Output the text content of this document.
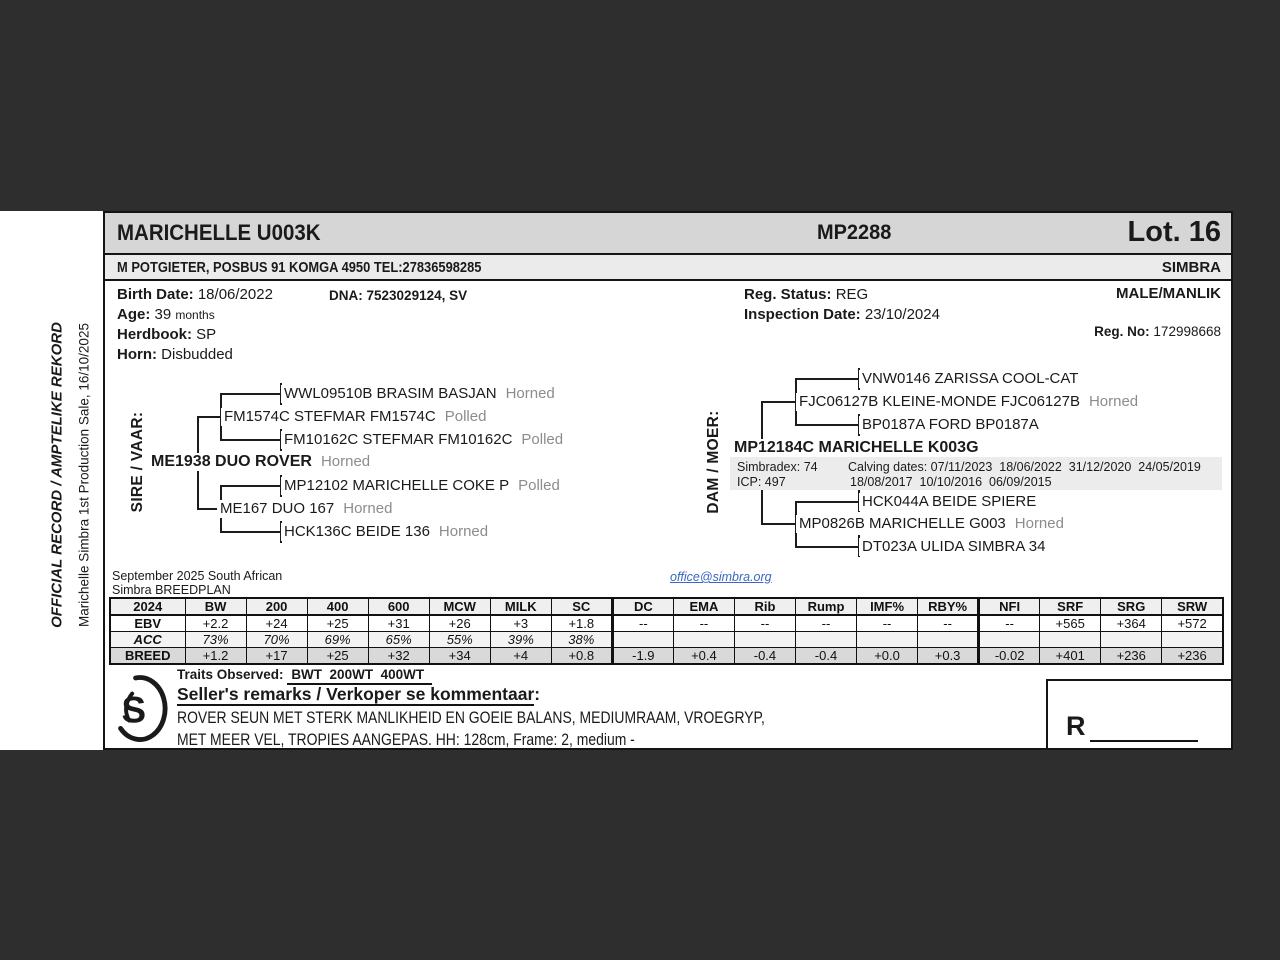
OFFICIAL RECORD / AMPTELIKE REKORD Marichelle Simbra 1st Production Sale, 16/10/2025
MARICHELLE U003K	MP2288	Lot. 16
M POTGIETER, POSBUS 91 KOMGA 4950 TEL:27836598285	SIMBRA
Birth Date: 18/06/2022	DNA: 7523029124, SV
Age: 39 months
Herdbook: SP
Horn: Disbudded
Reg. Status: REG
Inspection Date: 23/10/2024
MALE/MANLIK
Reg. No: 172998668
Simbradex: 74
ICP: 497
Calving dates: 07/11/2023  18/06/2022  31/12/2020  24/05/2019
18/08/2017  10/10/2016  06/09/2015
SIRE / VAAR:	DAM / MOER:
WWL09510B BRASIM BASJAN Horned
FM1574C STEFMAR FM1574C Polled
FM10162C STEFMAR FM10162C Polled
ME1938 DUO ROVER Horned
MP12102 MARICHELLE COKE P Polled
ME167 DUO 167 Horned
HCK136C BEIDE 136 Horned
VNW0146 ZARISSA COOL-CAT
FJC06127B KLEINE-MONDE FJC06127B Horned
BP0187A FORD BP0187A
MP12184C MARICHELLE K003G
HCK044A BEIDE SPIERE
MP0826B MARICHELLE G003 Horned
DT023A ULIDA SIMBRA 34
September 2025 South African
Simbra BREEDPLAN
office@simbra.org
2024	BW	200	400	600	MCW	MILK	SC	DC	EMA	Rib	Rump	IMF%	RBY%	NFI	SRF	SRG	SRW
EBV	+2.2	+24	+25	+31	+26	+3	+1.8	--	--	--	--	--	--	--	+565	+364	+572
ACC	73%	70%	69%	65%	55%	39%	38%										
BREED	+1.2	+17	+25	+32	+34	+4	+0.8	-1.9	+0.4	-0.4	-0.4	+0.0	+0.3	-0.02	+401	+236	+236
S
Traits Observed: BWT  200WT  400WT
Seller's remarks / Verkoper se kommentaar:
ROVER SEUN MET STERK MANLIKHEID EN GOEIE BALANS, MEDIUMRAAM, VROEGRYP,
MET MEER VEL, TROPIES AANGEPAS. HH: 128cm, Frame: 2, medium -	R
